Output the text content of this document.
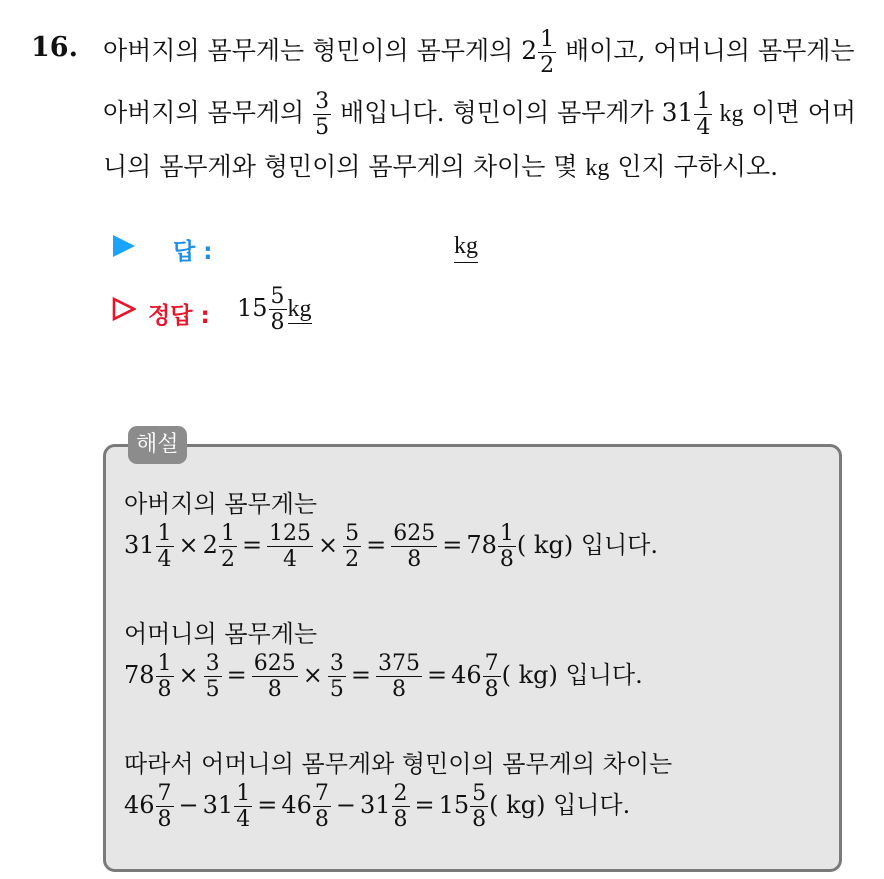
16. 아버지의 몸무게는 형민이의 몸무게의 $2 \frac{1}{2}$ 배이고, 어머니의 몸무게는
아버지의 몸무게의 $\frac{3}{5}$ 배입니다. 형민이의 몸무게가 $31 \frac{1}{4}$ kg 이면 어머
니의 몸무게와 형민이의 몸무게의 차이는 몇 kg 인지 구하시오.
답 :	kg
정답 : $15 \frac{5}{8}$ kg
해설
아버지의 몸무게는
$31 \frac{1}{4} \times 2 \frac{1}{2} = \frac{125}{4} \times \frac{5}{2} = \frac{625}{8} = 78 \frac{1}{8}$ ( kg) 입니다.
어머니의 몸무게는
$78 \frac{1}{8} \times \frac{3}{5} = \frac{625}{8} \times \frac{3}{5} = \frac{375}{8} = 46 \frac{7}{8}$ ( kg) 입니다.
따라서 어머니의 몸무게와 형민이의 몸무게의 차이는
$46 \frac{7}{8} - 31 \frac{1}{4} = 46 \frac{7}{8} - 31 \frac{2}{8} = 15 \frac{5}{8}$ ( kg) 입니다.
